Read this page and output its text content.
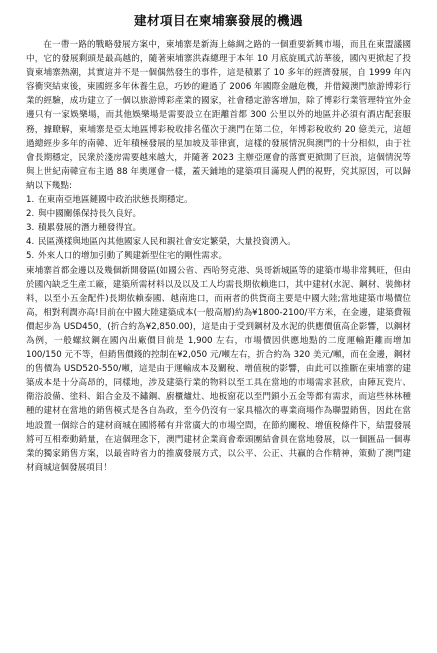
建材項目在柬埔寨發展的機遇

在一帶一路的戰略發展方案中，柬埔寨是新海上絲綢之路的一個重要新興市場，而且在東盟議國中，它的發展剩頭是最高越的，隨著柬埔寨洪森總理于本年 10 月底旋風式訪華後，國內更掀起了投資柬埔寨熱潮，其實這并不是一個偶然發生的事件，這是積累了 10 多年的經濟發展，自 1999 年內容衝突結束後，柬國經多年休養生息，巧妙的避過了 2006 年國際金融危機，并借鏡澳門旅游博彩行業的經驗，成功建立了一個以旅游博彩產業的國家，社會穩定游客增加，除了博彩行業管理特宜外金邊只有一家娛樂場，而其他娛樂場是需要設立在距離首都 300 公里以外的地區并必須有酒店配套服務，據瞭解，柬埔寨是亞太地區博彩稅收排名僅次于澳門在第二位，年博彩稅收約 20 億美元，這超過總經步多年的南韓、近年積極發展的星加坡及菲律賓，這樣的發展情況與澳門的十分相似，由于社會長期穩定，民衆於淺房需要越來越大，并隨著 2023 主辦亞運會的落實更掀開了巨浪，這個情況等與上世紀南韓宣布主過 88 年奧運會一樣，蓋天鋪地的建築項目滿現人們的視野，究其原因，可以歸納以下幾點:

1. 在東南亞地區鏈國中政治狀態長期穩定。
2. 與中國關係保持長久良好。
3. 積累發展的潛力種發得宜。
4. 民區漢樣與地區內其他國家人民和親社會安定繁榮，大量投資湧入。
5. 外來人口的增加引動了興建新型住宅的剛性需求。

柬埔寨首都金邊以及幾個新開發區(如國公省、西哈努克港、吳哥新城區等的建築市場非常興旺，但由於國內缺乏生產工廠，建築所需材料以及以及工人均需長期依賴進口，其中建材(水泥、鋼材、裝飾材料，以至小五金配件)長期依賴泰國、越南進口，而兩者的供貨商主要是中國大陸;當地建築市場價位高，相對利潤亦高!目前在中國大陸建築成本(一般高層)約為¥1800-2100/平方米，在金邊，建築費報價起步為 USD450，(折合約為¥2,850.00)，這是由于受到鋼材及水泥的供應價值高企影響，以鋼材為例，一般螺紋鋼在國內出廠價目前是 1,900 左右，市場價因供應地點的二度運輸距離而增加 100/150 元不等，但銷售價錢的控制在¥2,050 元/噸左右，折合約為 320 美元/噸，而在金邊，鋼材的售價為 USD520-550/噸，這是由于運輸成本及關稅、增值稅的影響，由此可以推斷在柬埔寨的建築成本是十分高昂的，同樣地，涉及建築行業的物料以至工具在當地的市場需求甚欣，由陣瓦瓷片、衛浴設備、塗料、鋁合金及不鏽鋼、廚櫃爐灶、地板窗花以至門鎖小五金等都有需求，而這些林林種種的建材在當地的銷售模式是各自為政，至今仍沒有一家具檔次的專業商場作為聯盟銷售，因此在當地設置一個綜合的建材商城在國將稀有并常廣大的市場空間，在節約關稅、增值稅條件下，結盟發展將可互相牽動銷量，在這個理念下，澳門建材企業商會牽頭團結會員在當地發展，以一個匯品一個專業的獨家銷售方案，以最省時省力的推廣發展方式，以公平、公正、共贏的合作精神，策動了澳門建材商城這個發展項目！
